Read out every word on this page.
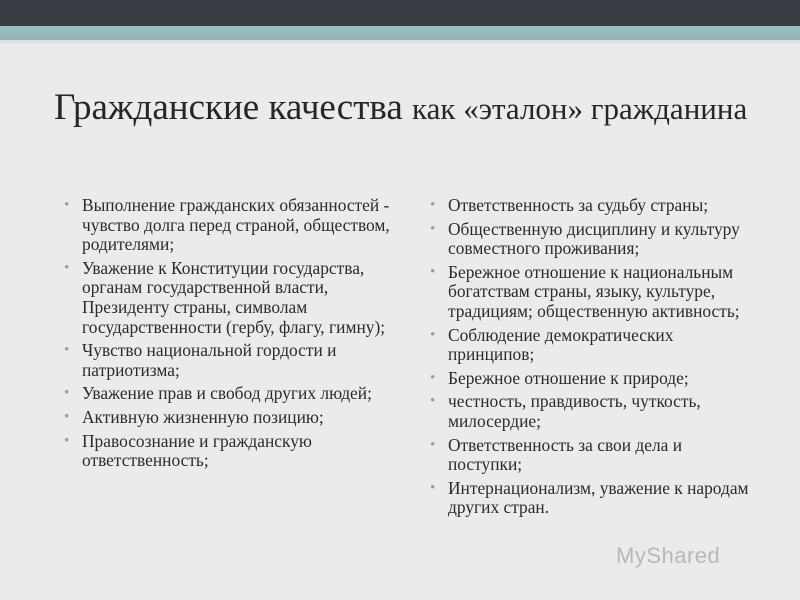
Гражданские качества как «эталон» гражданина
• Выполнение гражданских обязанностей - чувство долга перед страной, обществом, родителями;
• Уважение к Конституции государства, органам государственной власти, Президенту страны, символам государственности (гербу, флагу, гимну);
• Чувство национальной гордости и патриотизма;
• Уважение прав и свобод других людей;
• Активную жизненную позицию;
• Правосознание и гражданскую ответственность;
• Ответственность за судьбу страны;
• Общественную дисциплину и культуру совместного проживания;
• Бережное отношение к национальным богатствам страны, языку, культуре, традициям; общественную активность;
• Соблюдение демократических принципов;
• Бережное отношение к природе;
• честность, правдивость, чуткость, милосердие;
• Ответственность за свои дела и поступки;
• Интернационализм, уважение к народам других стран.
MyShared
